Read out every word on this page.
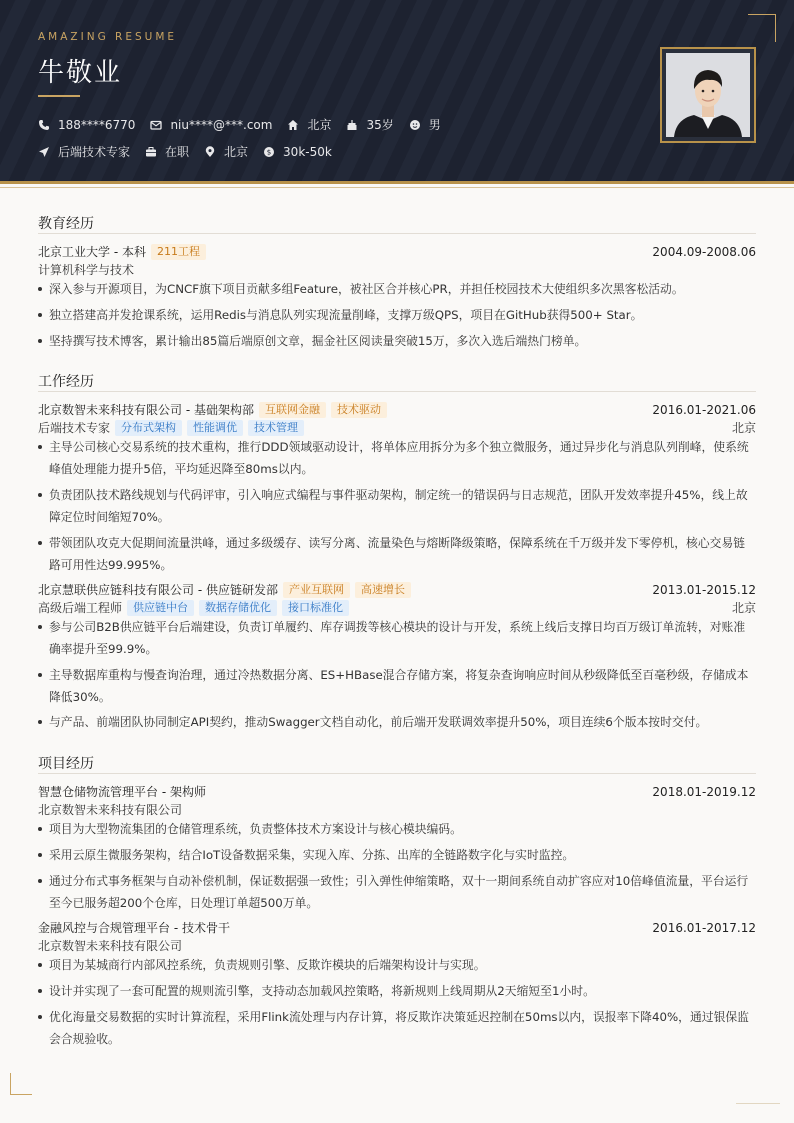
AMAZING RESUME
牛敬业
188****6770	niu****@***.com	北京	35岁	男
后端技术专家	在职	北京	$ 30k-50k
教育经历
北京工业大学 - 本科	211工程	2004.09-2008.06
计算机科学与技术
深入参与开源项目，为CNCF旗下项目贡献多组Feature，被社区合并核心PR，并担任校园技术大使组织多次黑客松活动。
独立搭建高并发抢课系统，运用Redis与消息队列实现流量削峰，支撑万级QPS，项目在GitHub获得500+ Star。
坚持撰写技术博客，累计输出85篇后端原创文章，掘金社区阅读量突破15万，多次入选后端热门榜单。
工作经历
北京数智未来科技有限公司 - 基础架构部	互联网金融	技术驱动	2016.01-2021.06
后端技术专家	分布式架构	性能调优	技术管理	北京
主导公司核心交易系统的技术重构，推行DDD领域驱动设计，将单体应用拆分为多个独立微服务，通过异步化与消息队列削峰，使系统峰值处理能力提升5倍，平均延迟降至80ms以内。
负责团队技术路线规划与代码评审，引入响应式编程与事件驱动架构，制定统一的错误码与日志规范，团队开发效率提升45%，线上故障定位时间缩短70%。
带领团队攻克大促期间流量洪峰，通过多级缓存、读写分离、流量染色与熔断降级策略，保障系统在千万级并发下零停机，核心交易链路可用性达99.995%。
北京慧联供应链科技有限公司 - 供应链研发部	产业互联网	高速增长	2013.01-2015.12
高级后端工程师	供应链中台	数据存储优化	接口标准化	北京
参与公司B2B供应链平台后端建设，负责订单履约、库存调拨等核心模块的设计与开发，系统上线后支撑日均百万级订单流转，对账准确率提升至99.9%。
主导数据库重构与慢查询治理，通过冷热数据分离、ES+HBase混合存储方案，将复杂查询响应时间从秒级降低至百毫秒级，存储成本降低30%。
与产品、前端团队协同制定API契约，推动Swagger文档自动化，前后端开发联调效率提升50%，项目连续6个版本按时交付。
项目经历
智慧仓储物流管理平台 - 架构师	2018.01-2019.12
北京数智未来科技有限公司
项目为大型物流集团的仓储管理系统，负责整体技术方案设计与核心模块编码。
采用云原生微服务架构，结合IoT设备数据采集，实现入库、分拣、出库的全链路数字化与实时监控。
通过分布式事务框架与自动补偿机制，保证数据强一致性；引入弹性伸缩策略，双十一期间系统自动扩容应对10倍峰值流量，平台运行至今已服务超200个仓库，日处理订单超500万单。
金融风控与合规管理平台 - 技术骨干	2016.01-2017.12
北京数智未来科技有限公司
项目为某城商行内部风控系统，负责规则引擎、反欺诈模块的后端架构设计与实现。
设计并实现了一套可配置的规则流引擎，支持动态加载风控策略，将新规则上线周期从2天缩短至1小时。
优化海量交易数据的实时计算流程，采用Flink流处理与内存计算，将反欺诈决策延迟控制在50ms以内，误报率下降40%，通过银保监会合规验收。
